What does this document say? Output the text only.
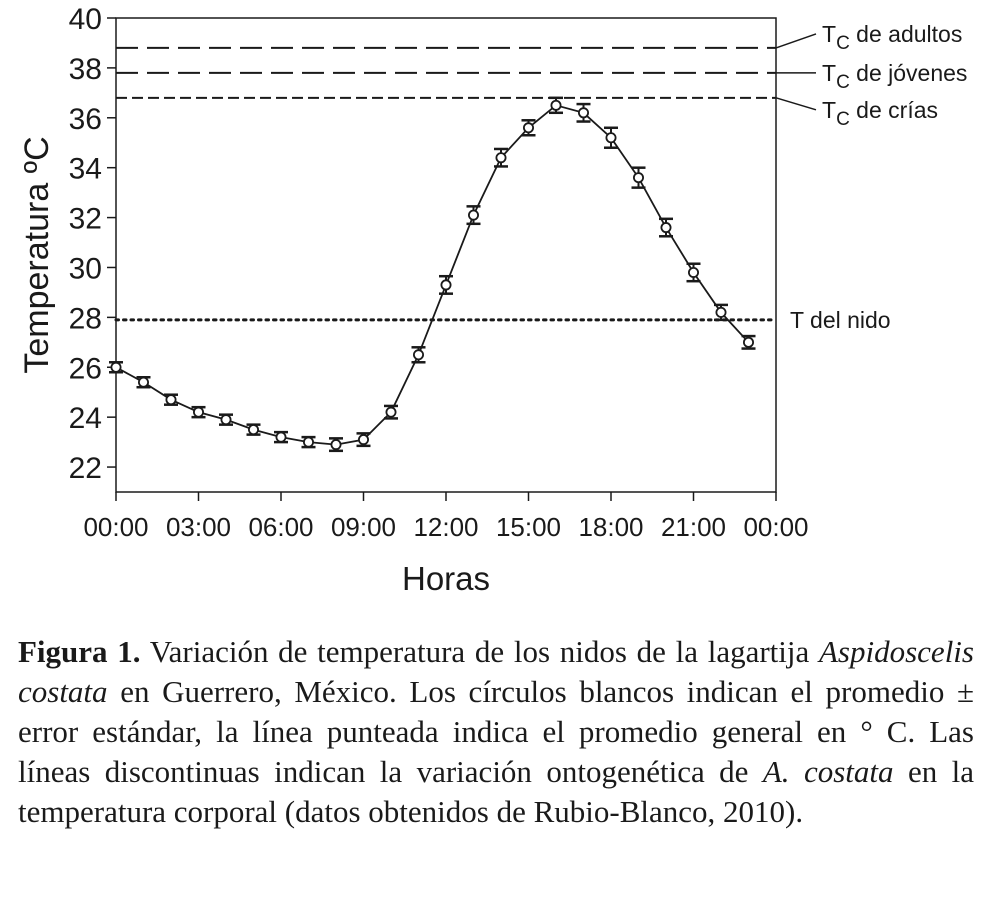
$T_C$ de adultos
$T_C$ de jóvenes
$T_C$ de crías
T del nido
22
24
26
28
30
32
34
36
38
40
00:00 03:00 06:00 09:00 12:00 15:00 18:00 21:00 00:00
Temperatura ºC
Horas
Figura 1. Variación de temperatura de los nidos de la lagartija Aspidoscelis costata en Guerrero, México. Los círculos blancos indican el promedio ± error estándar, la línea punteada indica el promedio general en ° C. Las líneas discontinuas indican la variación ontogenética de A. costata en la temperatura corporal (datos obtenidos de Rubio-Blanco, 2010).
